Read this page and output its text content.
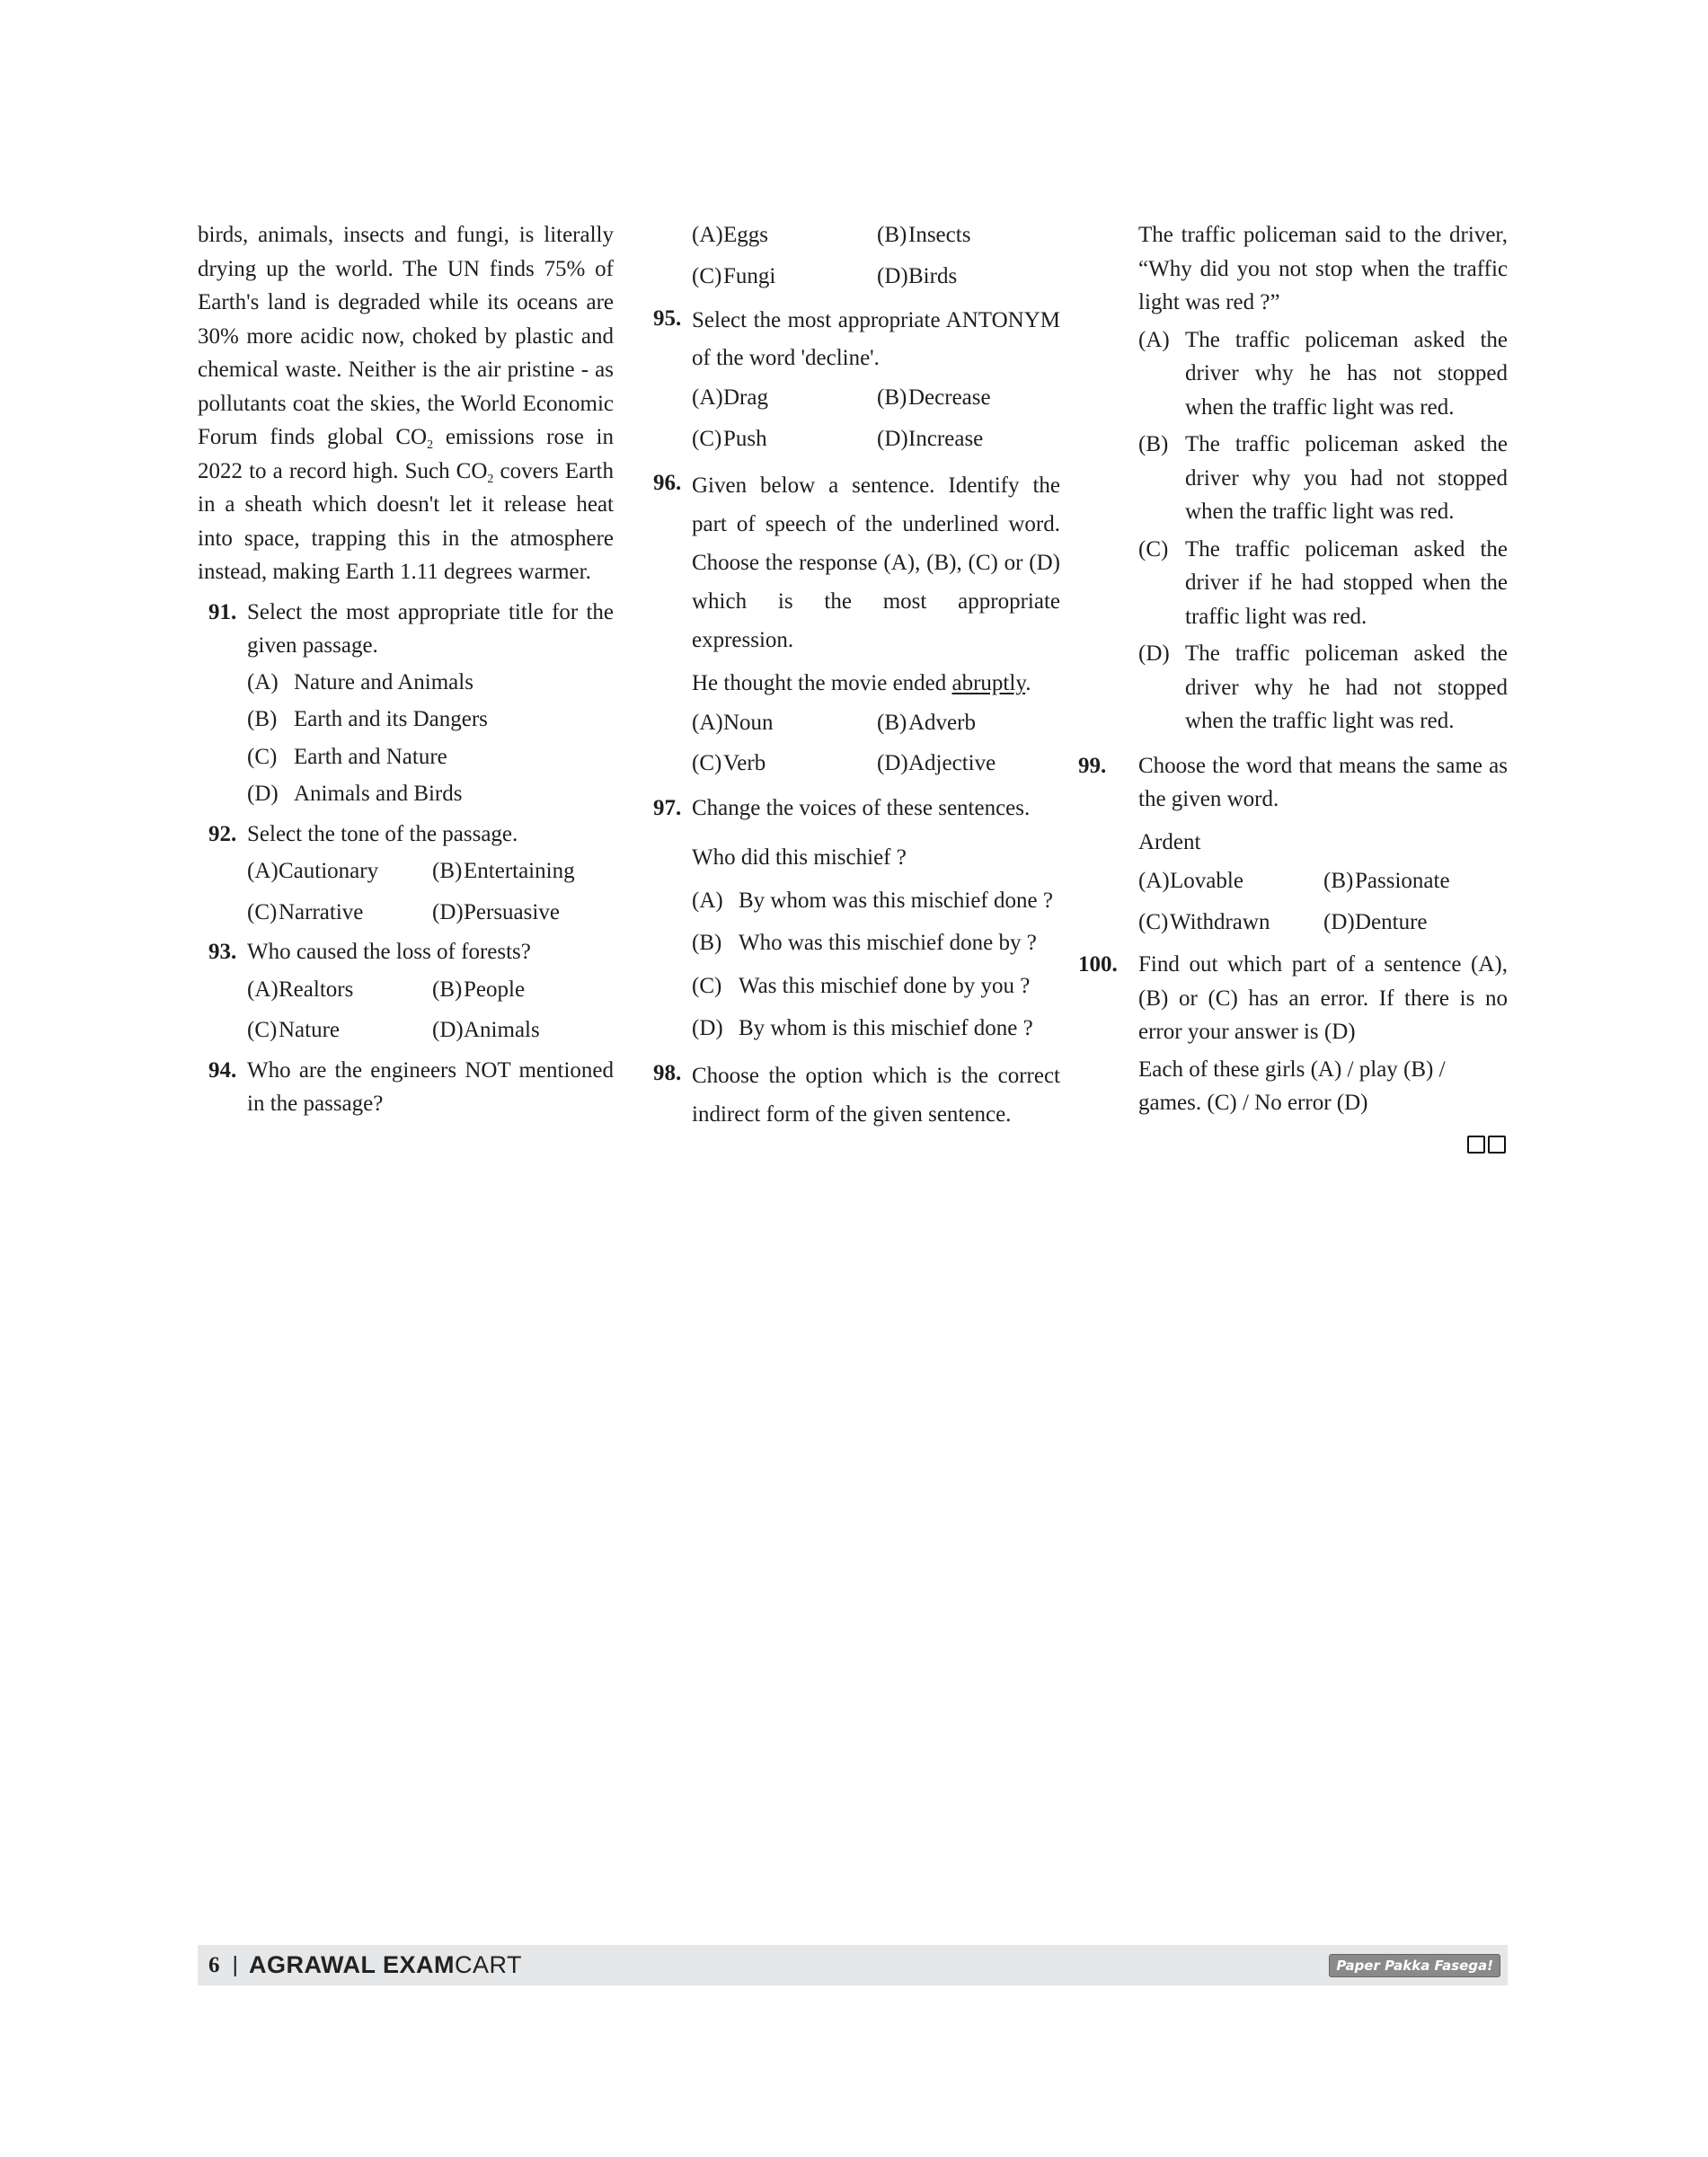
birds, animals, insects and fungi, is literally drying up the world. The UN finds 75% of Earth's land is degraded while its oceans are 30% more acidic now, choked by plastic and chemical waste. Neither is the air pristine - as pollutants coat the skies, the World Economic Forum finds global $CO_2$ emissions rose in 2022 to a record high. Such $CO_2$ covers Earth in a sheath which doesn't let it release heat into space, trapping this in the atmosphere instead, making Earth 1.11 degrees warmer.

91. Select the most appropriate title for the given passage.
(A) Nature and Animals
(B) Earth and its Dangers
(C) Earth and Nature
(D) Animals and Birds
92. Select the tone of the passage.
(A) Cautionary	(B) Entertaining
(C) Narrative	(D) Persuasive
93. Who caused the loss of forests?
(A) Realtors	(B) People
(C) Nature	(D) Animals
94. Who are the engineers NOT mentioned in the passage?
(A) Eggs	(B) Insects
(C) Fungi	(D) Birds
95. Select the most appropriate ANTONYM of the word 'decline'.
(A) Drag	(B) Decrease
(C) Push	(D) Increase
96. Given below a sentence. Identify the part of speech of the underlined word. Choose the response (A), (B), (C) or (D) which is the most appropriate expression.
He thought the movie ended abruptly.
(A) Noun	(B) Adverb
(C) Verb	(D) Adjective
97. Change the voices of these sentences.
Who did this mischief ?
(A) By whom was this mischief done ?
(B) Who was this mischief done by ?
(C) Was this mischief done by you ?
(D) By whom is this mischief done ?
98. Choose the option which is the correct indirect form of the given sentence.
The traffic policeman said to the driver, “Why did you not stop when the traffic light was red ?”
(A) The traffic policeman asked the driver why he has not stopped when the traffic light was red.
(B) The traffic policeman asked the driver why you had not stopped when the traffic light was red.
(C) The traffic policeman asked the driver if he had stopped when the traffic light was red.
(D) The traffic policeman asked the driver why he had not stopped when the traffic light was red.
99. Choose the word that means the same as the given word.
Ardent
(A) Lovable	(B) Passionate
(C) Withdrawn	(D) Denture
100. Find out which part of a sentence (A), (B) or (C) has an error. If there is no error your answer is (D)
Each of these girls (A) / play (B) / games. (C) / No error (D)
6 | AGRAWAL EXAMCART	Paper Pakka Fasega!
